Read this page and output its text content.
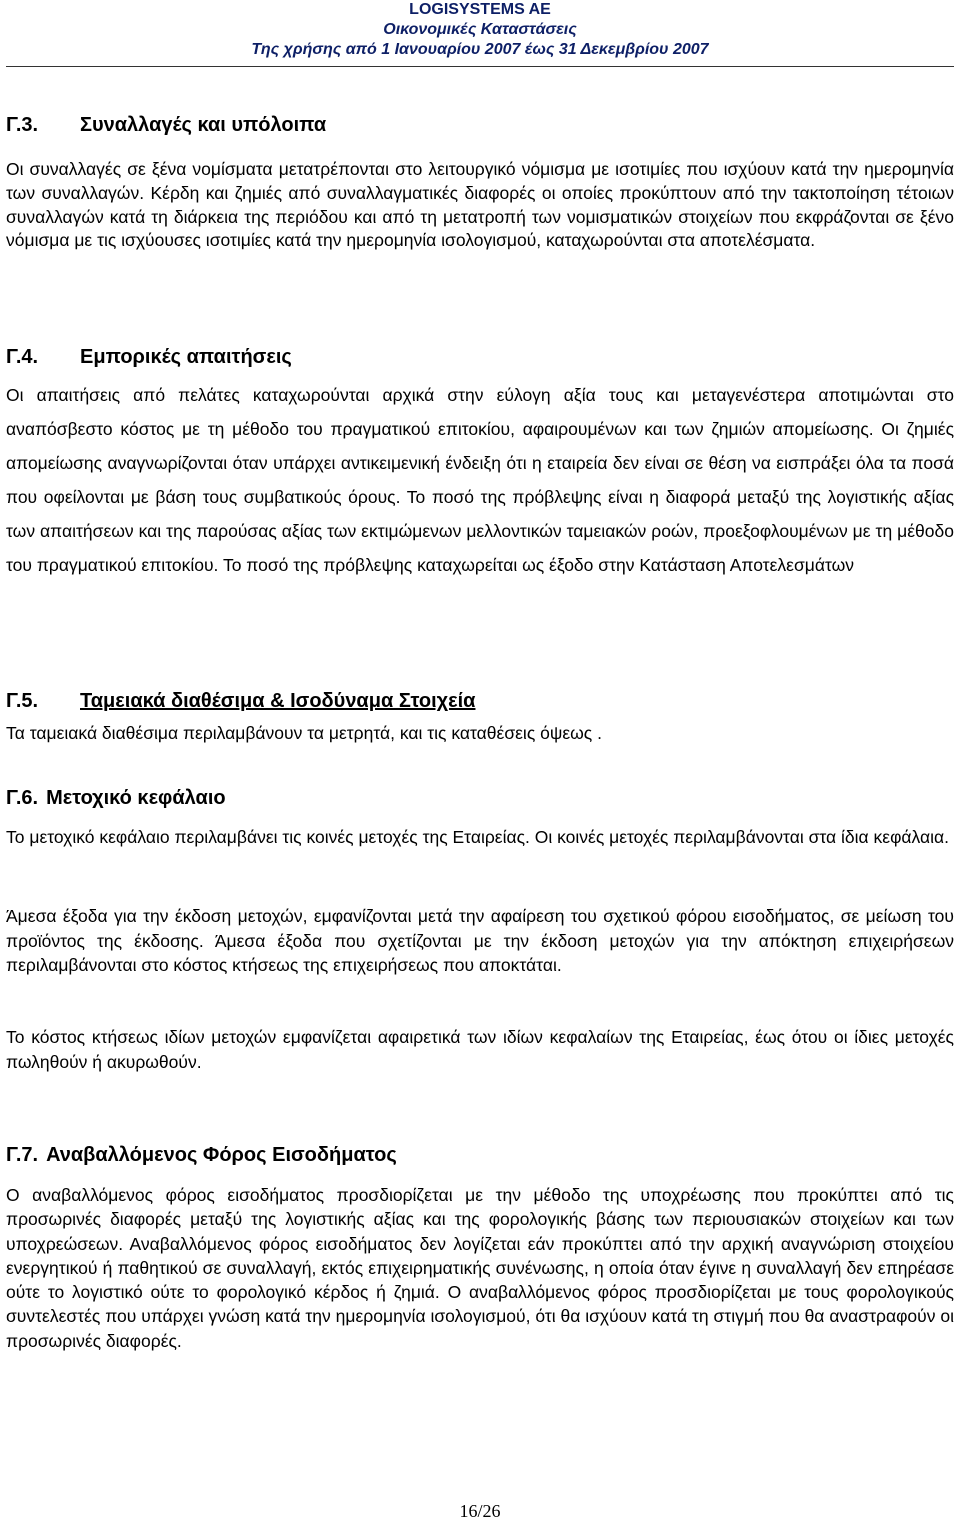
LOGISYSTEMS AE
Οικονομικές Καταστάσεις
Της χρήσης από 1 Ιανουαρίου 2007 έως 31 Δεκεμβρίου 2007
Γ.3. Συναλλαγές και υπόλοιπα
Οι συναλλαγές σε ξένα νομίσματα μετατρέπονται στο λειτουργικό νόμισμα με ισοτιμίες που ισχύουν κατά την ημερομηνία των συναλλαγών. Κέρδη και ζημιές από συναλλαγματικές διαφορές οι οποίες προκύπτουν από την τακτοποίηση τέτοιων συναλλαγών κατά τη διάρκεια της περιόδου και από τη μετατροπή των νομισματικών στοιχείων που εκφράζονται σε ξένο νόμισμα με τις ισχύουσες ισοτιμίες κατά την ημερομηνία ισολογισμού, καταχωρούνται στα αποτελέσματα.
Γ.4. Εμπορικές απαιτήσεις
Οι απαιτήσεις από πελάτες καταχωρούνται αρχικά στην εύλογη αξία τους και μεταγενέστερα αποτιμώνται στο αναπόσβεστο κόστος με τη μέθοδο του πραγματικού επιτοκίου, αφαιρουμένων και των ζημιών απομείωσης. Οι ζημιές απομείωσης αναγνωρίζονται όταν υπάρχει αντικειμενική ένδειξη ότι η εταιρεία δεν είναι σε θέση να εισπράξει όλα τα ποσά που οφείλονται με βάση τους συμβατικούς όρους. Το ποσό της πρόβλεψης είναι η διαφορά μεταξύ της λογιστικής αξίας των απαιτήσεων και της παρούσας αξίας των εκτιμώμενων μελλοντικών ταμειακών ροών, προεξοφλουμένων με τη μέθοδο του πραγματικού επιτοκίου. Το ποσό της πρόβλεψης καταχωρείται ως έξοδο στην Κατάσταση Αποτελεσμάτων
Γ.5. Ταμειακά διαθέσιμα & Ισοδύναμα Στοιχεία
Τα ταμειακά διαθέσιμα περιλαμβάνουν τα μετρητά, και τις καταθέσεις όψεως .
Γ.6. Μετοχικό κεφάλαιο
Το μετοχικό κεφάλαιο περιλαμβάνει τις κοινές μετοχές της Εταιρείας. Οι κοινές μετοχές περιλαμβάνονται στα ίδια κεφάλαια.
Άμεσα έξοδα για την έκδοση μετοχών, εμφανίζονται μετά την αφαίρεση του σχετικού φόρου εισοδήματος, σε μείωση του προϊόντος της έκδοσης. Άμεσα έξοδα που σχετίζονται με την έκδοση μετοχών για την απόκτηση επιχειρήσεων περιλαμβάνονται στο κόστος κτήσεως της επιχειρήσεως που αποκτάται.
Το κόστος κτήσεως ιδίων μετοχών εμφανίζεται αφαιρετικά των ιδίων κεφαλαίων της Εταιρείας, έως ότου οι ίδιες μετοχές πωληθούν ή ακυρωθούν.
Γ.7. Αναβαλλόμενος Φόρος Εισοδήματος
Ο αναβαλλόμενος φόρος εισοδήματος προσδιορίζεται με την μέθοδο της υποχρέωσης που προκύπτει από τις προσωρινές διαφορές μεταξύ της λογιστικής αξίας και της φορολογικής βάσης των περιουσιακών στοιχείων και των υποχρεώσεων. Αναβαλλόμενος φόρος εισοδήματος δεν λογίζεται εάν προκύπτει από την αρχική αναγνώριση στοιχείου ενεργητικού ή παθητικού σε συναλλαγή, εκτός επιχειρηματικής συνένωσης, η οποία όταν έγινε η συναλλαγή δεν επηρέασε ούτε το λογιστικό ούτε το φορολογικό κέρδος ή ζημιά. Ο αναβαλλόμενος φόρος προσδιορίζεται με τους φορολογικούς συντελεστές που υπάρχει γνώση κατά την ημερομηνία ισολογισμού, ότι θα ισχύουν κατά τη στιγμή που θα αναστραφούν οι προσωρινές διαφορές.
16/26
